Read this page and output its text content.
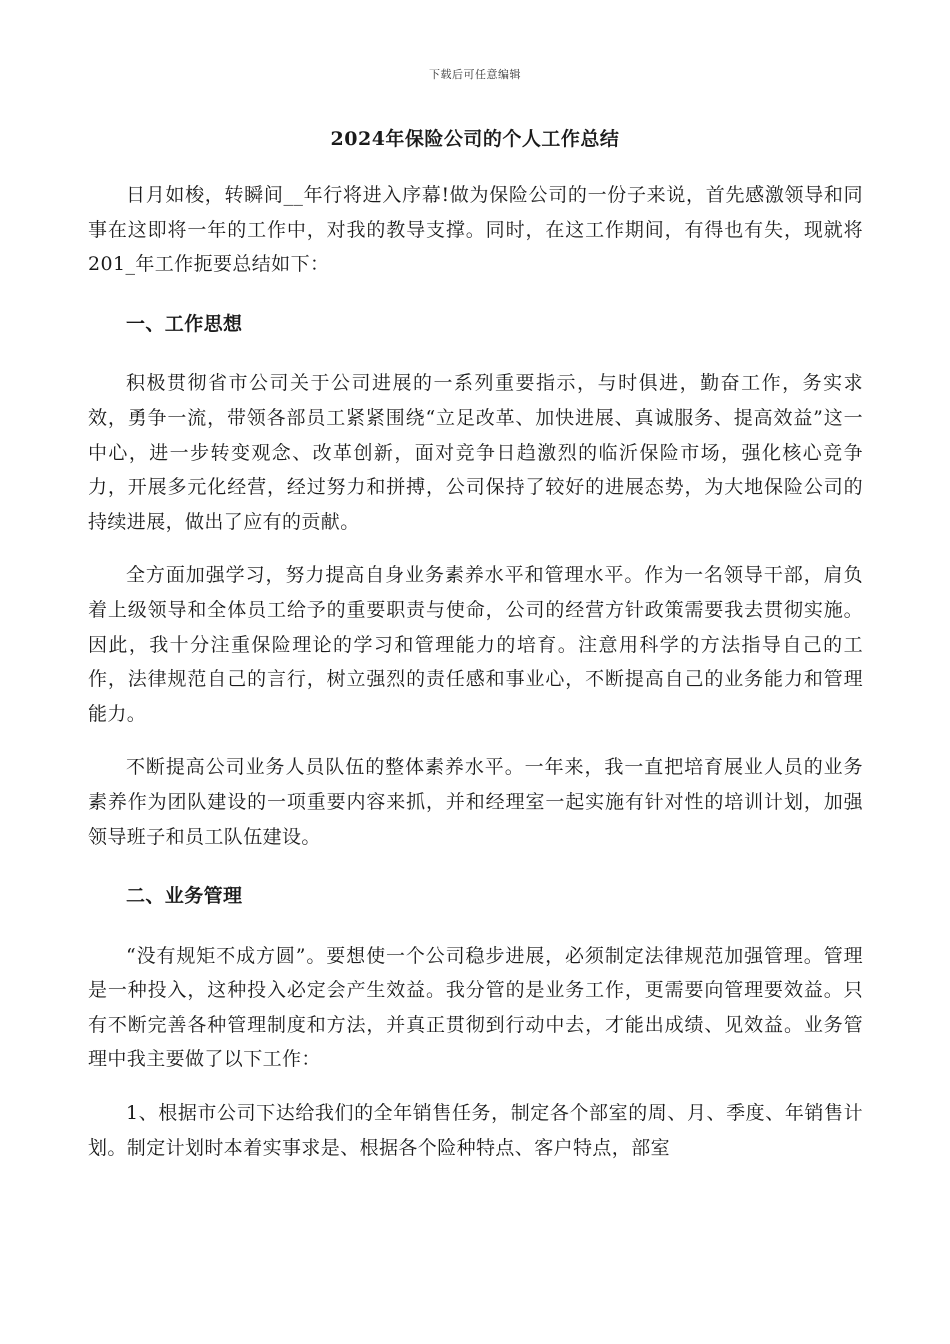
下载后可任意编辑
2024年保险公司的个人工作总结

日月如梭，转瞬间__年行将进入序幕!做为保险公司的一份子来说，首先感激领导和同事在这即将一年的工作中，对我的教导支撑。同时，在这工作期间，有得也有失，现就将201_年工作扼要总结如下：

一、工作思想

积极贯彻省市公司关于公司进展的一系列重要指示，与时俱进，勤奋工作，务实求效，勇争一流，带领各部员工紧紧围绕“立足改革、加快进展、真诚服务、提高效益”这一中心，进一步转变观念、改革创新，面对竞争日趋激烈的临沂保险市场，强化核心竞争力，开展多元化经营，经过努力和拼搏，公司保持了较好的进展态势，为大地保险公司的持续进展，做出了应有的贡献。

全方面加强学习，努力提高自身业务素养水平和管理水平。作为一名领导干部，肩负着上级领导和全体员工给予的重要职责与使命，公司的经营方针政策需要我去贯彻实施。因此，我十分注重保险理论的学习和管理能力的培育。注意用科学的方法指导自己的工作，法律规范自己的言行，树立强烈的责任感和事业心，不断提高自己的业务能力和管理能力。

不断提高公司业务人员队伍的整体素养水平。一年来，我一直把培育展业人员的业务素养作为团队建设的一项重要内容来抓，并和经理室一起实施有针对性的培训计划，加强领导班子和员工队伍建设。

二、业务管理

“没有规矩不成方圆”。要想使一个公司稳步进展，必须制定法律规范加强管理。管理是一种投入，这种投入必定会产生效益。我分管的是业务工作，更需要向管理要效益。只有不断完善各种管理制度和方法，并真正贯彻到行动中去，才能出成绩、见效益。业务管理中我主要做了以下工作：

1、根据市公司下达给我们的全年销售任务，制定各个部室的周、月、季度、年销售计划。制定计划时本着实事求是、根据各个险种特点、客户特点，部室
